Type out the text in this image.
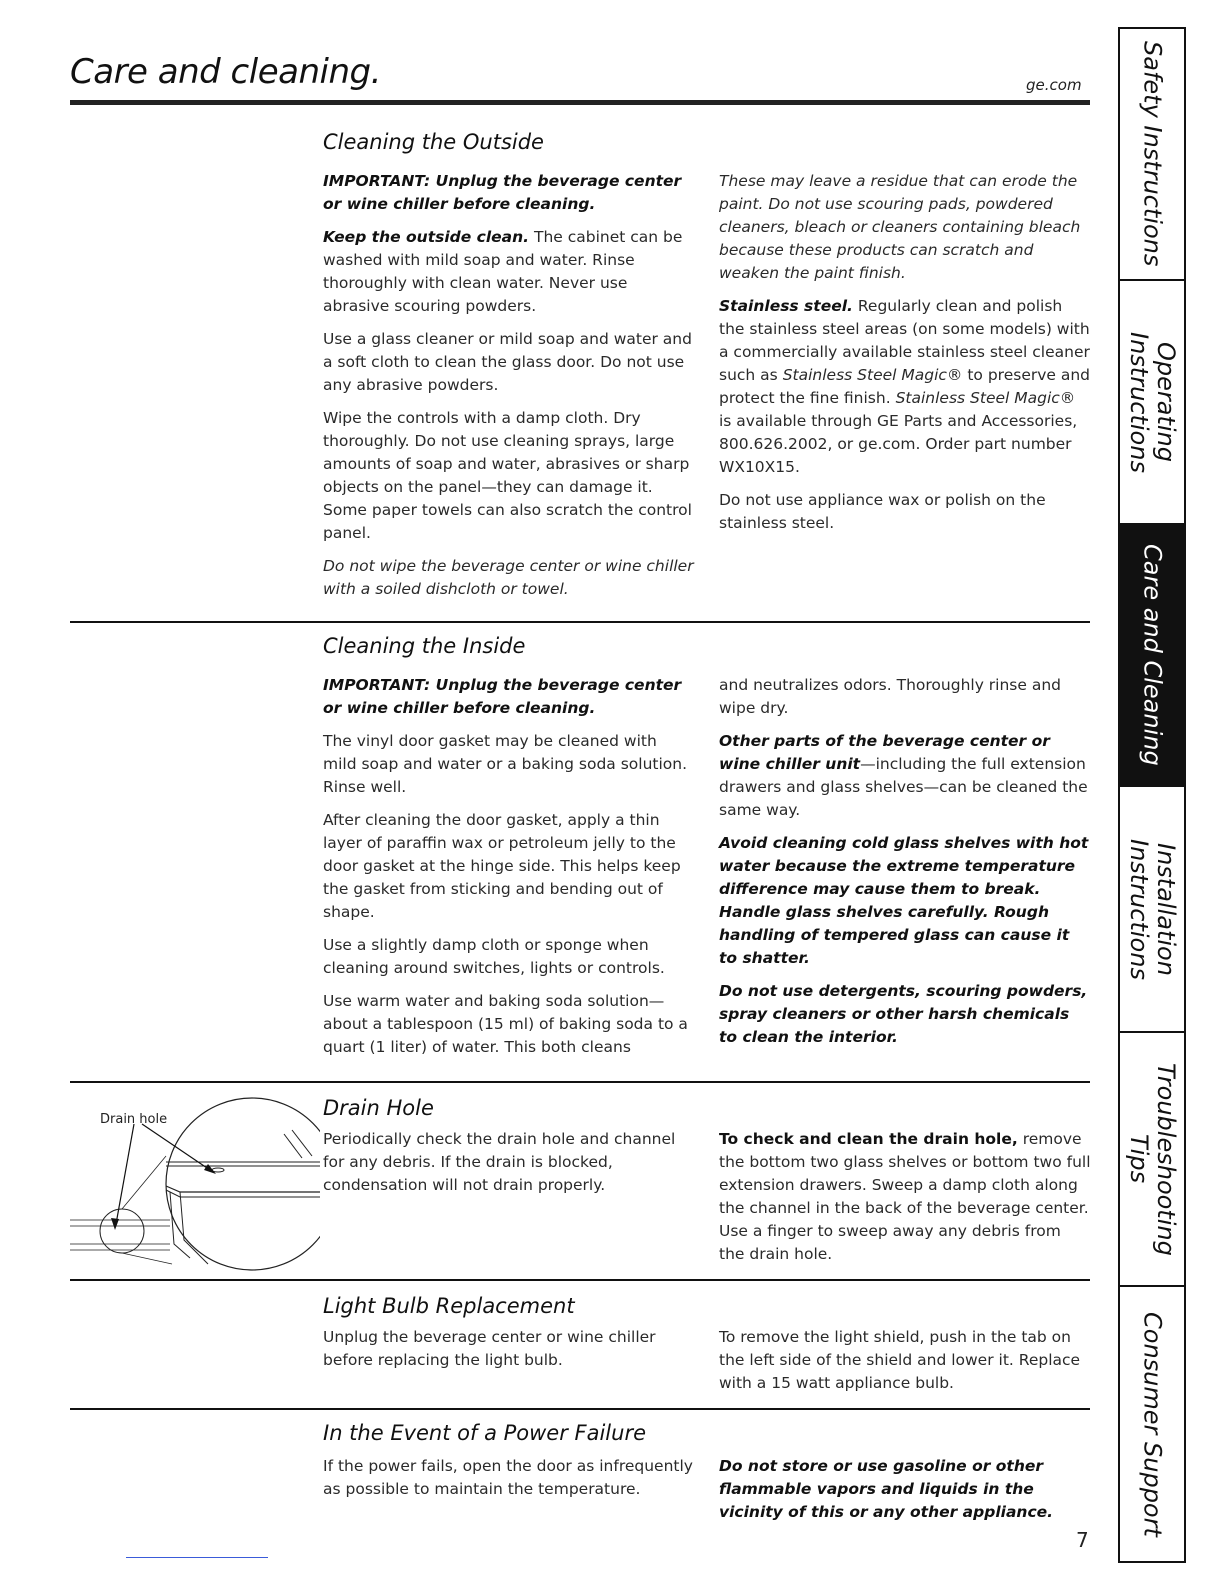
Care and cleaning.	ge.com
Cleaning the Outside

IMPORTANT: Unplug the beverage center or wine chiller before cleaning.

Keep the outside clean. The cabinet can be washed with mild soap and water. Rinse thoroughly with clean water. Never use abrasive scouring powders.

Use a glass cleaner or mild soap and water and a soft cloth to clean the glass door. Do not use any abrasive powders.

Wipe the controls with a damp cloth. Dry thoroughly. Do not use cleaning sprays, large amounts of soap and water, abrasives or sharp objects on the panel—they can damage it. Some paper towels can also scratch the control panel.

Do not wipe the beverage center or wine chiller with a soiled dishcloth or towel.

These may leave a residue that can erode the paint. Do not use scouring pads, powdered cleaners, bleach or cleaners containing bleach because these products can scratch and weaken the paint finish.

Stainless steel. Regularly clean and polish the stainless steel areas (on some models) with a commercially available stainless steel cleaner such as Stainless Steel Magic® to preserve and protect the fine finish. Stainless Steel Magic® is available through GE Parts and Accessories, 800.626.2002, or ge.com. Order part number WX10X15.

Do not use appliance wax or polish on the stainless steel.

Cleaning the Inside

IMPORTANT: Unplug the beverage center or wine chiller before cleaning.

The vinyl door gasket may be cleaned with mild soap and water or a baking soda solution. Rinse well.

After cleaning the door gasket, apply a thin layer of paraffin wax or petroleum jelly to the door gasket at the hinge side. This helps keep the gasket from sticking and bending out of shape.

Use a slightly damp cloth or sponge when cleaning around switches, lights or controls.

Use warm water and baking soda solution—about a tablespoon (15 ml) of baking soda to a quart (1 liter) of water. This both cleans

and neutralizes odors. Thoroughly rinse and wipe dry.

Other parts of the beverage center or wine chiller unit—including the full extension drawers and glass shelves—can be cleaned the same way.

Avoid cleaning cold glass shelves with hot water because the extreme temperature difference may cause them to break. Handle glass shelves carefully. Rough handling of tempered glass can cause it to shatter.

Do not use detergents, scouring powders, spray cleaners or other harsh chemicals to clean the interior.

Drain hole	Drain Hole

Periodically check the drain hole and channel for any debris. If the drain is blocked, condensation will not drain properly.

To check and clean the drain hole, remove the bottom two glass shelves or bottom two full extension drawers. Sweep a damp cloth along the channel in the back of the beverage center. Use a finger to sweep away any debris from the drain hole.

Light Bulb Replacement

Unplug the beverage center or wine chiller before replacing the light bulb.

To remove the light shield, push in the tab on the left side of the shield and lower it. Replace with a 15 watt appliance bulb.

In the Event of a Power Failure

If the power fails, open the door as infrequently as possible to maintain the temperature.

Do not store or use gasoline or other flammable vapors and liquids in the vicinity of this or any other appliance.

7
Safety Instructions
Operating
Instructions
Care and Cleaning
Installation
Instructions
Troubleshooting
Tips
Consumer Support
